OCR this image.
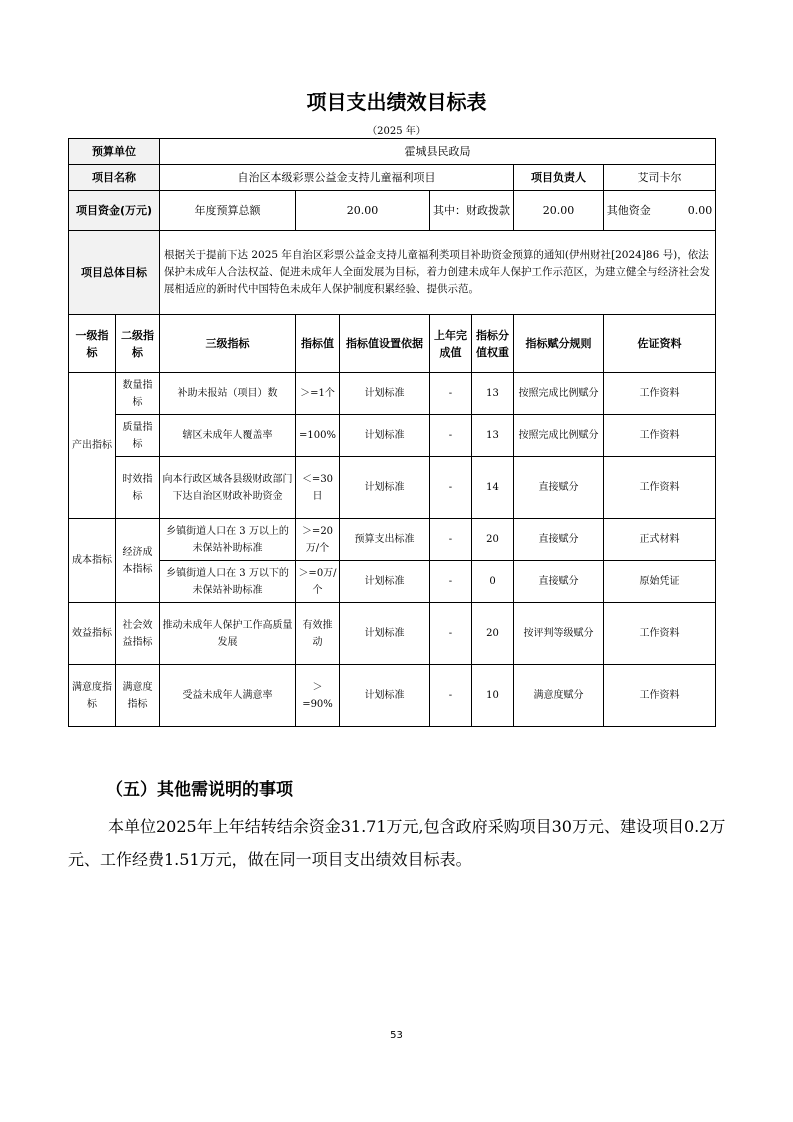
项目支出绩效目标表
（2025 年）
预算单位		霍城县民政局						
项目名称		自治区本级彩票公益金支持儿童福利项目					项目负责人	艾司卡尔
项目资金(万元)		年度预算总额	20.00		其中：财政拨款		20.00	其他资金 0.00
项目总体目标		根据关于提前下达 2025 年自治区彩票公益金支持儿童福利类项目补助资金预算的通知(伊州财社[2024]86 号)，依法保护未成年人合法权益、促进未成年人全面发展为目标，着力创建未成年人保护工作示范区，为建立健全与经济社会发展相适应的新时代中国特色未成年人保护制度积累经验、提供示范。						
一级指标	二级指标	三级指标	指标值	指标值设置依据	上年完成值	指标分值权重	指标赋分规则	佐证资料
产出指标	数量指标	补助未报站（项目）数	＞=1个	计划标准	-	13	按照完成比例赋分	工作资料
	质量指标	辖区未成年人覆盖率	=100%	计划标准	-	13	按照完成比例赋分	工作资料
	时效指标	向本行政区域各县级财政部门下达自治区财政补助资金	＜=30日	计划标准	-	14	直接赋分	工作资料
成本指标	经济成本指标	乡镇街道人口在 3 万以上的未保站补助标准	＞=20万/个	预算支出标准	-	20	直接赋分	正式材料
		乡镇街道人口在 3 万以下的未保站补助标准	＞=0万/个	计划标准	-	0	直接赋分	原始凭证
效益指标	社会效益指标	推动未成年人保护工作高质量发展	有效推动	计划标准	-	20	按评判等级赋分	工作资料
满意度指标	满意度指标	受益未成年人满意率	＞=90%	计划标准	-	10	满意度赋分	工作资料
（五）其他需说明的事项
本单位2025年上年结转结余资金31.71万元,包含政府采购项目30万元、建设项目0.2万元、工作经费1.51万元，做在同一项目支出绩效目标表。
53
